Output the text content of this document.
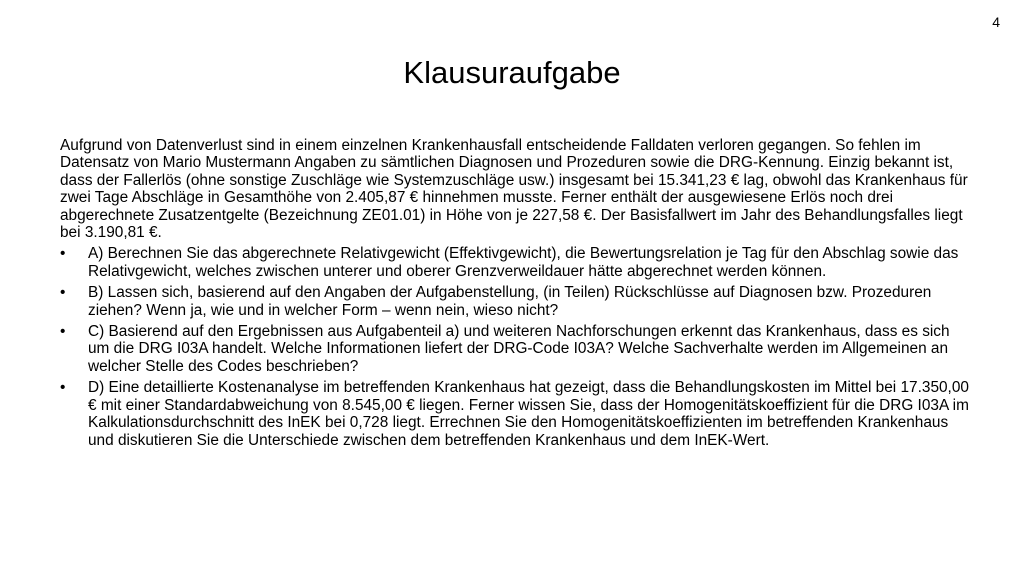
4
Klausuraufgabe

Aufgrund von Datenverlust sind in einem einzelnen Krankenhausfall entscheidende Falldaten verloren gegangen. So fehlen im Datensatz von Mario Mustermann Angaben zu sämtlichen Diagnosen und Prozeduren sowie die DRG-Kennung. Einzig bekannt ist, dass der Fallerlös (ohne sonstige Zuschläge wie Systemzuschläge usw.) insgesamt bei 15.341,23 € lag, obwohl das Krankenhaus für zwei Tage Abschläge in Gesamthöhe von 2.405,87 € hinnehmen musste. Ferner enthält der ausgewiesene Erlös noch drei abgerechnete Zusatzentgelte (Bezeichnung ZE01.01) in Höhe von je 227,58 €. Der Basisfallwert im Jahr des Behandlungsfalles liegt bei 3.190,81 €.

• A) Berechnen Sie das abgerechnete Relativgewicht (Effektivgewicht), die Bewertungsrelation je Tag für den Abschlag sowie das Relativgewicht, welches zwischen unterer und oberer Grenzverweildauer hätte abgerechnet werden können.
• B) Lassen sich, basierend auf den Angaben der Aufgabenstellung, (in Teilen) Rückschlüsse auf Diagnosen bzw. Prozeduren ziehen? Wenn ja, wie und in welcher Form – wenn nein, wieso nicht?
• C) Basierend auf den Ergebnissen aus Aufgabenteil a) und weiteren Nachforschungen erkennt das Krankenhaus, dass es sich um die DRG I03A handelt. Welche Informationen liefert der DRG-Code I03A? Welche Sachverhalte werden im Allgemeinen an welcher Stelle des Codes beschrieben?
• D) Eine detaillierte Kostenanalyse im betreffenden Krankenhaus hat gezeigt, dass die Behandlungskosten im Mittel bei 17.350,00 € mit einer Standardabweichung von 8.545,00 € liegen. Ferner wissen Sie, dass der Homogenitätskoeffizient für die DRG I03A im Kalkulationsdurchschnitt des InEK bei 0,728 liegt. Errechnen Sie den Homogenitätskoeffizienten im betreffenden Krankenhaus und diskutieren Sie die Unterschiede zwischen dem betreffenden Krankenhaus und dem InEK-Wert.
